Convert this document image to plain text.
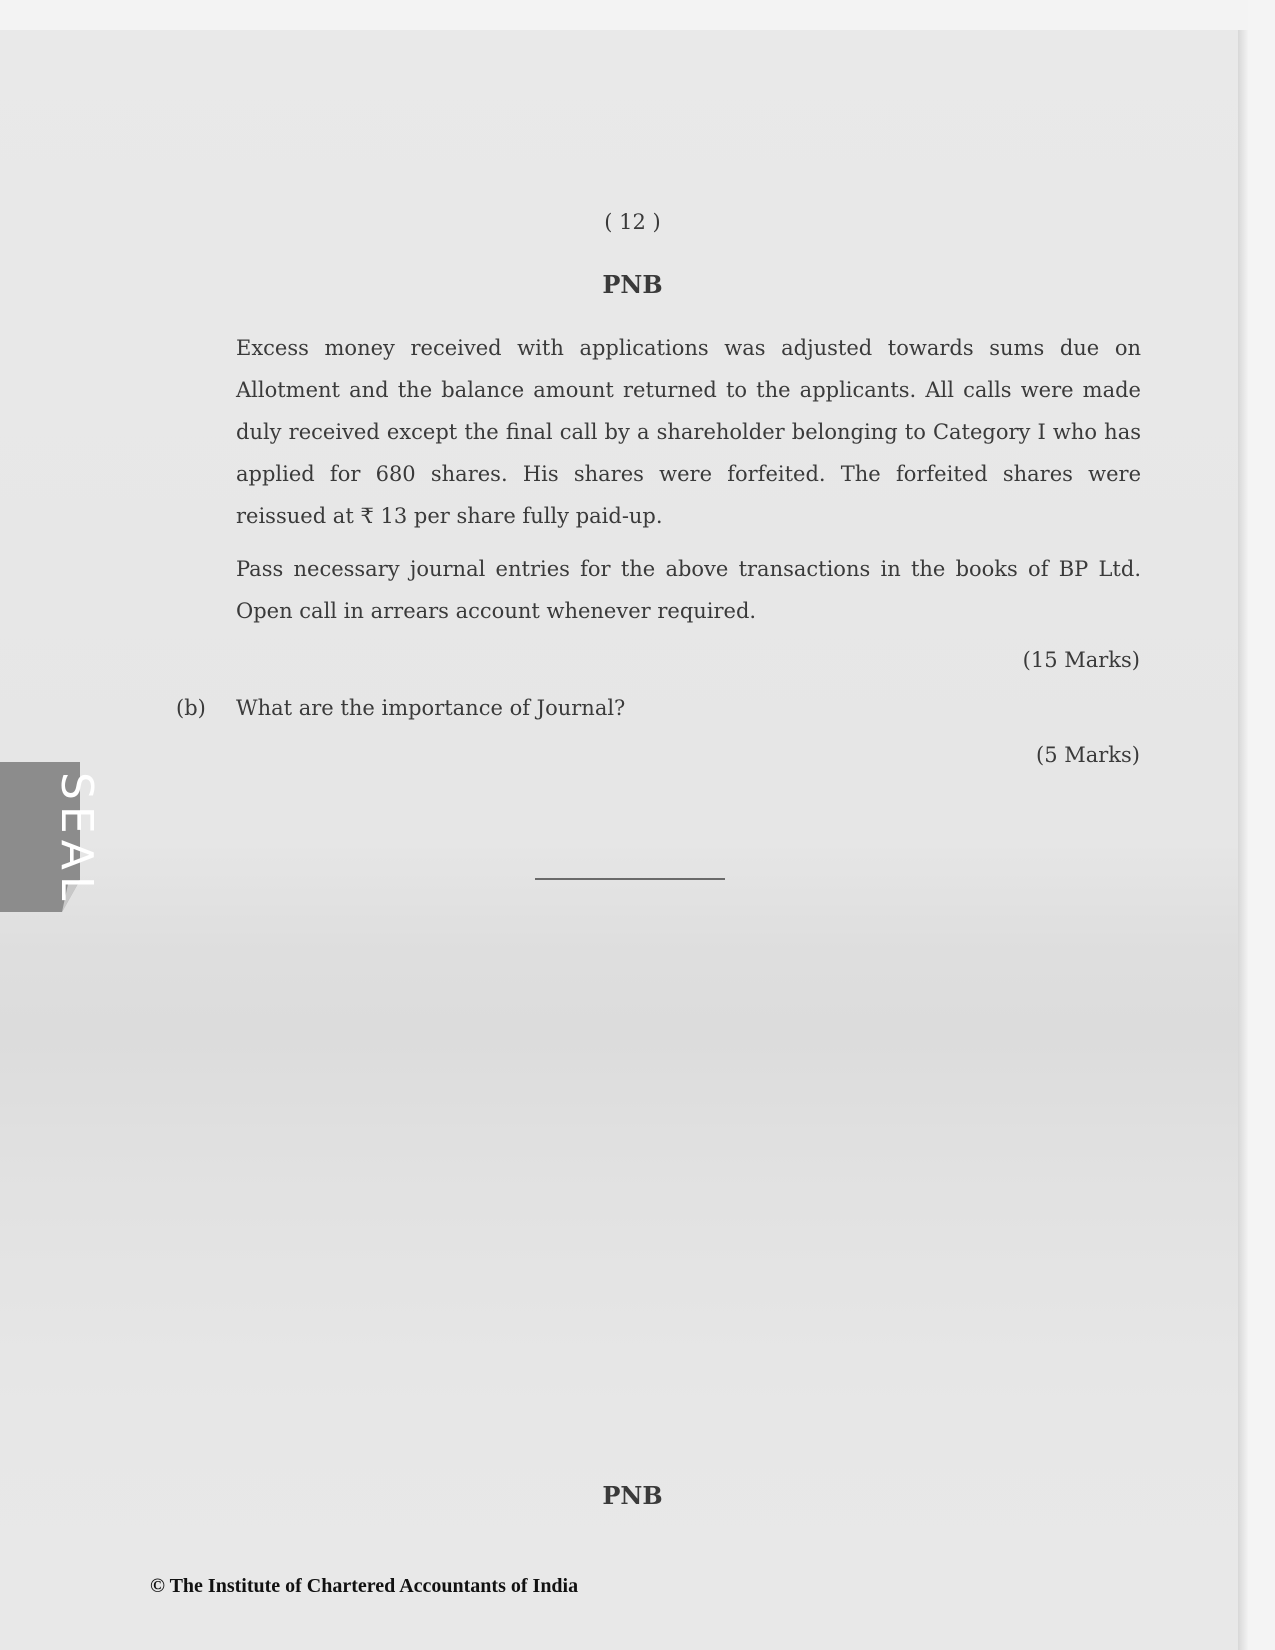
( 12 )
PNB

Excess money received with applications was adjusted towards sums due on Allotment and the balance amount returned to the applicants. All calls were made duly received except the final call by a shareholder belonging to Category I who has applied for 680 shares. His shares were forfeited. The forfeited shares were reissued at ₹ 13 per share fully paid-up.

Pass necessary journal entries for the above transactions in the books of BP Ltd. Open call in arrears account whenever required.

(15 Marks)
(b) What are the importance of Journal?
(5 Marks)
SEAL
PNB
© The Institute of Chartered Accountants of India
